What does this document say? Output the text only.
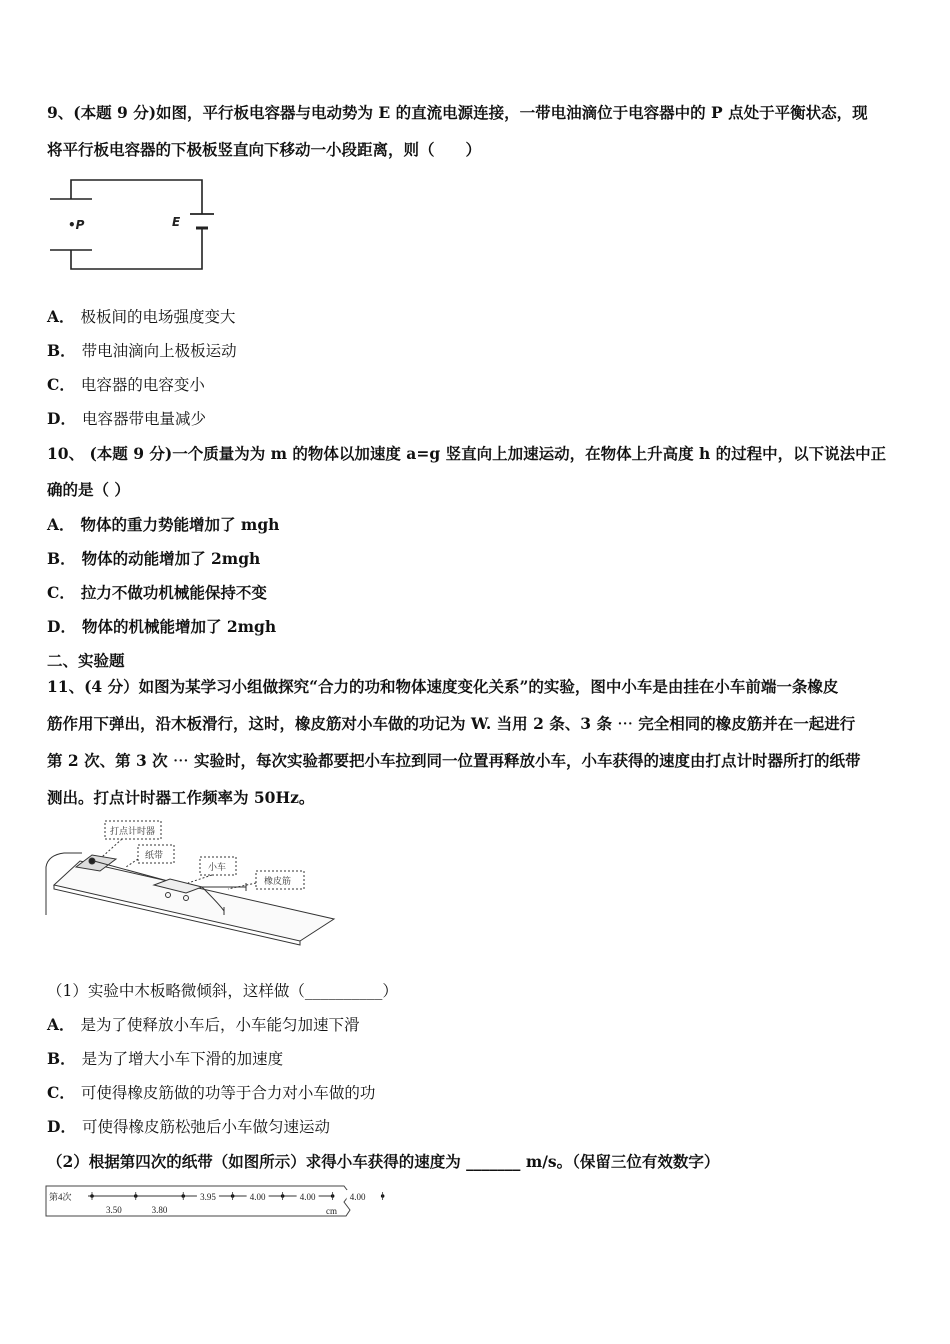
9、(本题 9 分)如图，平行板电容器与电动势为 E 的直流电源连接，一带电油滴位于电容器中的 P 点处于平衡状态，现
将平行板电容器的下极板竖直向下移动一小段距离，则（　　）
•P	E
A． 极板间的电场强度变大
B． 带电油滴向上极板运动
C． 电容器的电容变小
D． 电容器带电量减少
10、 (本题 9 分)一个质量为为 m 的物体以加速度 a=g 竖直向上加速运动，在物体上升高度 h 的过程中，以下说法中正
确的是（ ）
A． 物体的重力势能增加了 mgh
B． 物体的动能增加了 2mgh
C． 拉力不做功机械能保持不变
D． 物体的机械能增加了 2mgh
二、实验题
11、(4 分）如图为某学习小组做探究“合力的功和物体速度变化关系”的实验，图中小车是由挂在小车前端一条橡皮
筋作用下弹出，沿木板滑行，这时，橡皮筋对小车做的功记为 W. 当用 2 条、3 条 ⋯ 完全相同的橡皮筋并在一起进行
第 2 次、第 3 次 ⋯ 实验时，每次实验都要把小车拉到同一位置再释放小车，小车获得的速度由打点计时器所打的纸带
测出。打点计时器工作频率为 50Hz。
打点计时器
纸带
小车
橡皮筋
（1）实验中木板略微倾斜，这样做（__________）
A． 是为了使释放小车后，小车能匀加速下滑
B． 是为了增大小车下滑的加速度
C． 可使得橡皮筋做的功等于合力对小车做的功
D． 可使得橡皮筋松弛后小车做匀速运动
（2）根据第四次的纸带（如图所示）求得小车获得的速度为 _______ m/s。（保留三位有效数字）
第4次
3.50	3.80
3.95	4.00	4.00	4.00
cm
